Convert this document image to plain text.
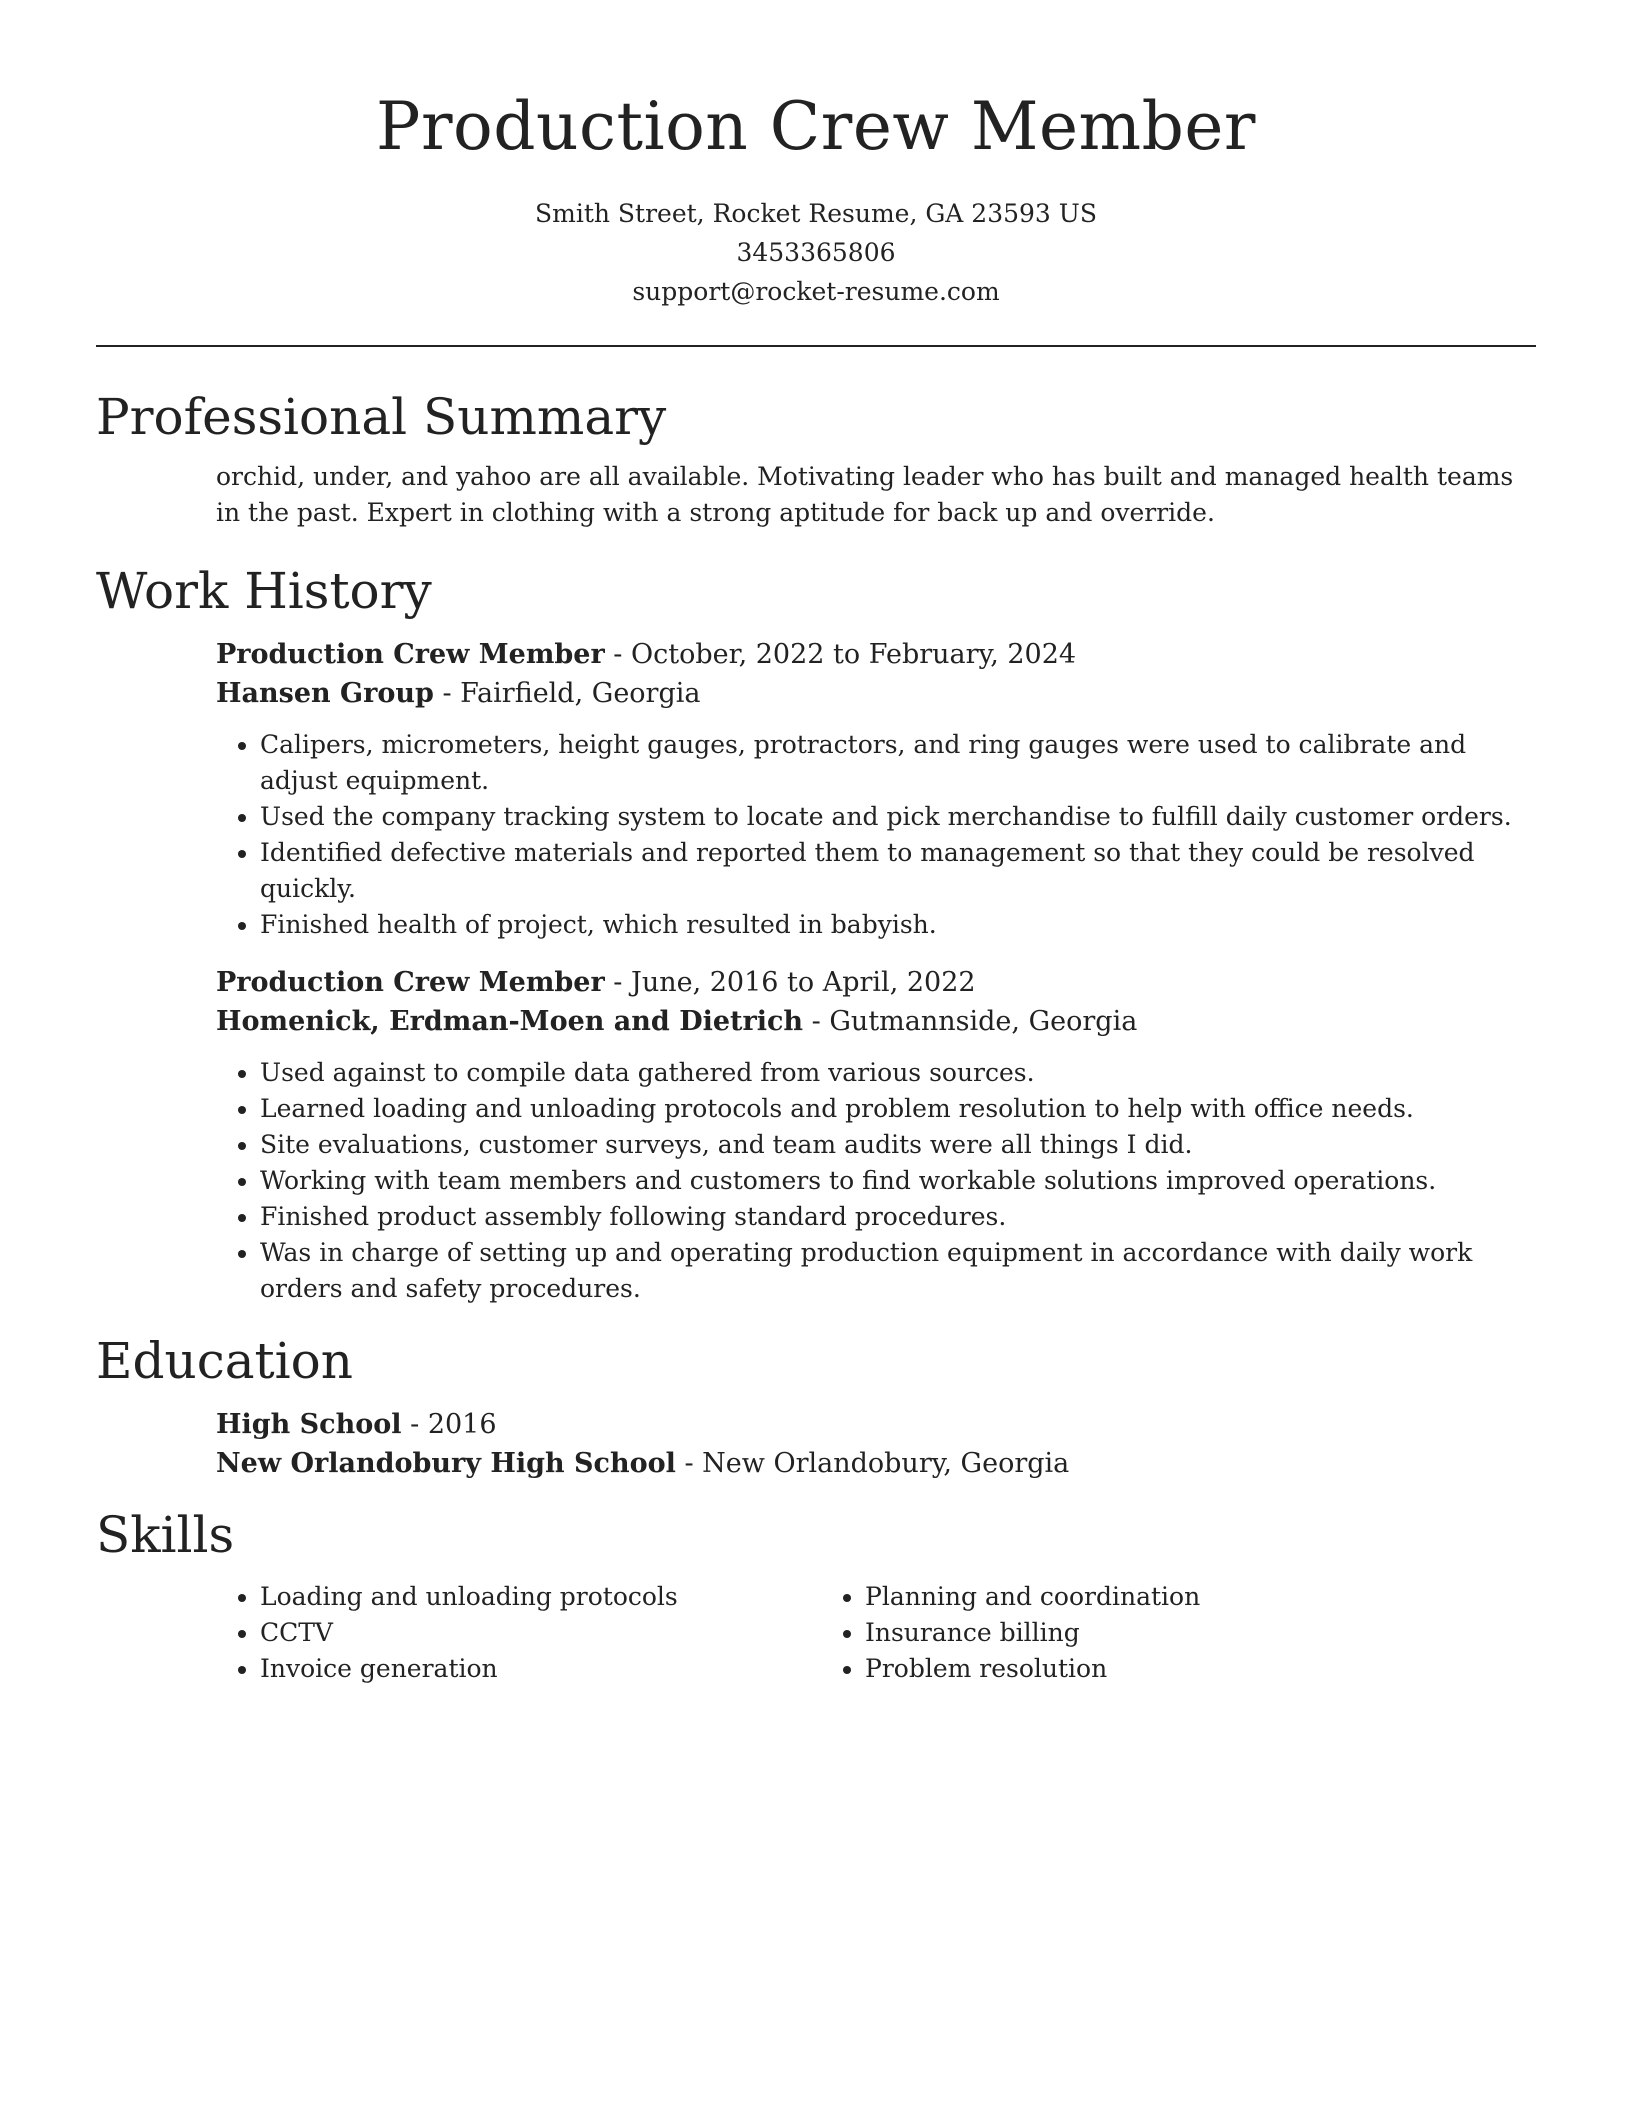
Production Crew Member
Smith Street, Rocket Resume, GA 23593 US
3453365806
support@rocket-resume.com
Professional Summary
orchid, under, and yahoo are all available. Motivating leader who has built and managed health teams in the past. Expert in clothing with a strong aptitude for back up and override.
Work History
Production Crew Member - October, 2022 to February, 2024
Hansen Group - Fairfield, Georgia
• Calipers, micrometers, height gauges, protractors, and ring gauges were used to calibrate and adjust equipment.
• Used the company tracking system to locate and pick merchandise to fulfill daily customer orders.
• Identified defective materials and reported them to management so that they could be resolved quickly.
• Finished health of project, which resulted in babyish.
Production Crew Member - June, 2016 to April, 2022
Homenick, Erdman-Moen and Dietrich - Gutmannside, Georgia
• Used against to compile data gathered from various sources.
• Learned loading and unloading protocols and problem resolution to help with office needs.
• Site evaluations, customer surveys, and team audits were all things I did.
• Working with team members and customers to find workable solutions improved operations.
• Finished product assembly following standard procedures.
• Was in charge of setting up and operating production equipment in accordance with daily work orders and safety procedures.
Education
High School - 2016
New Orlandobury High School - New Orlandobury, Georgia
Skills
• Loading and unloading protocols
• CCTV
• Invoice generation
• Planning and coordination
• Insurance billing
• Problem resolution
